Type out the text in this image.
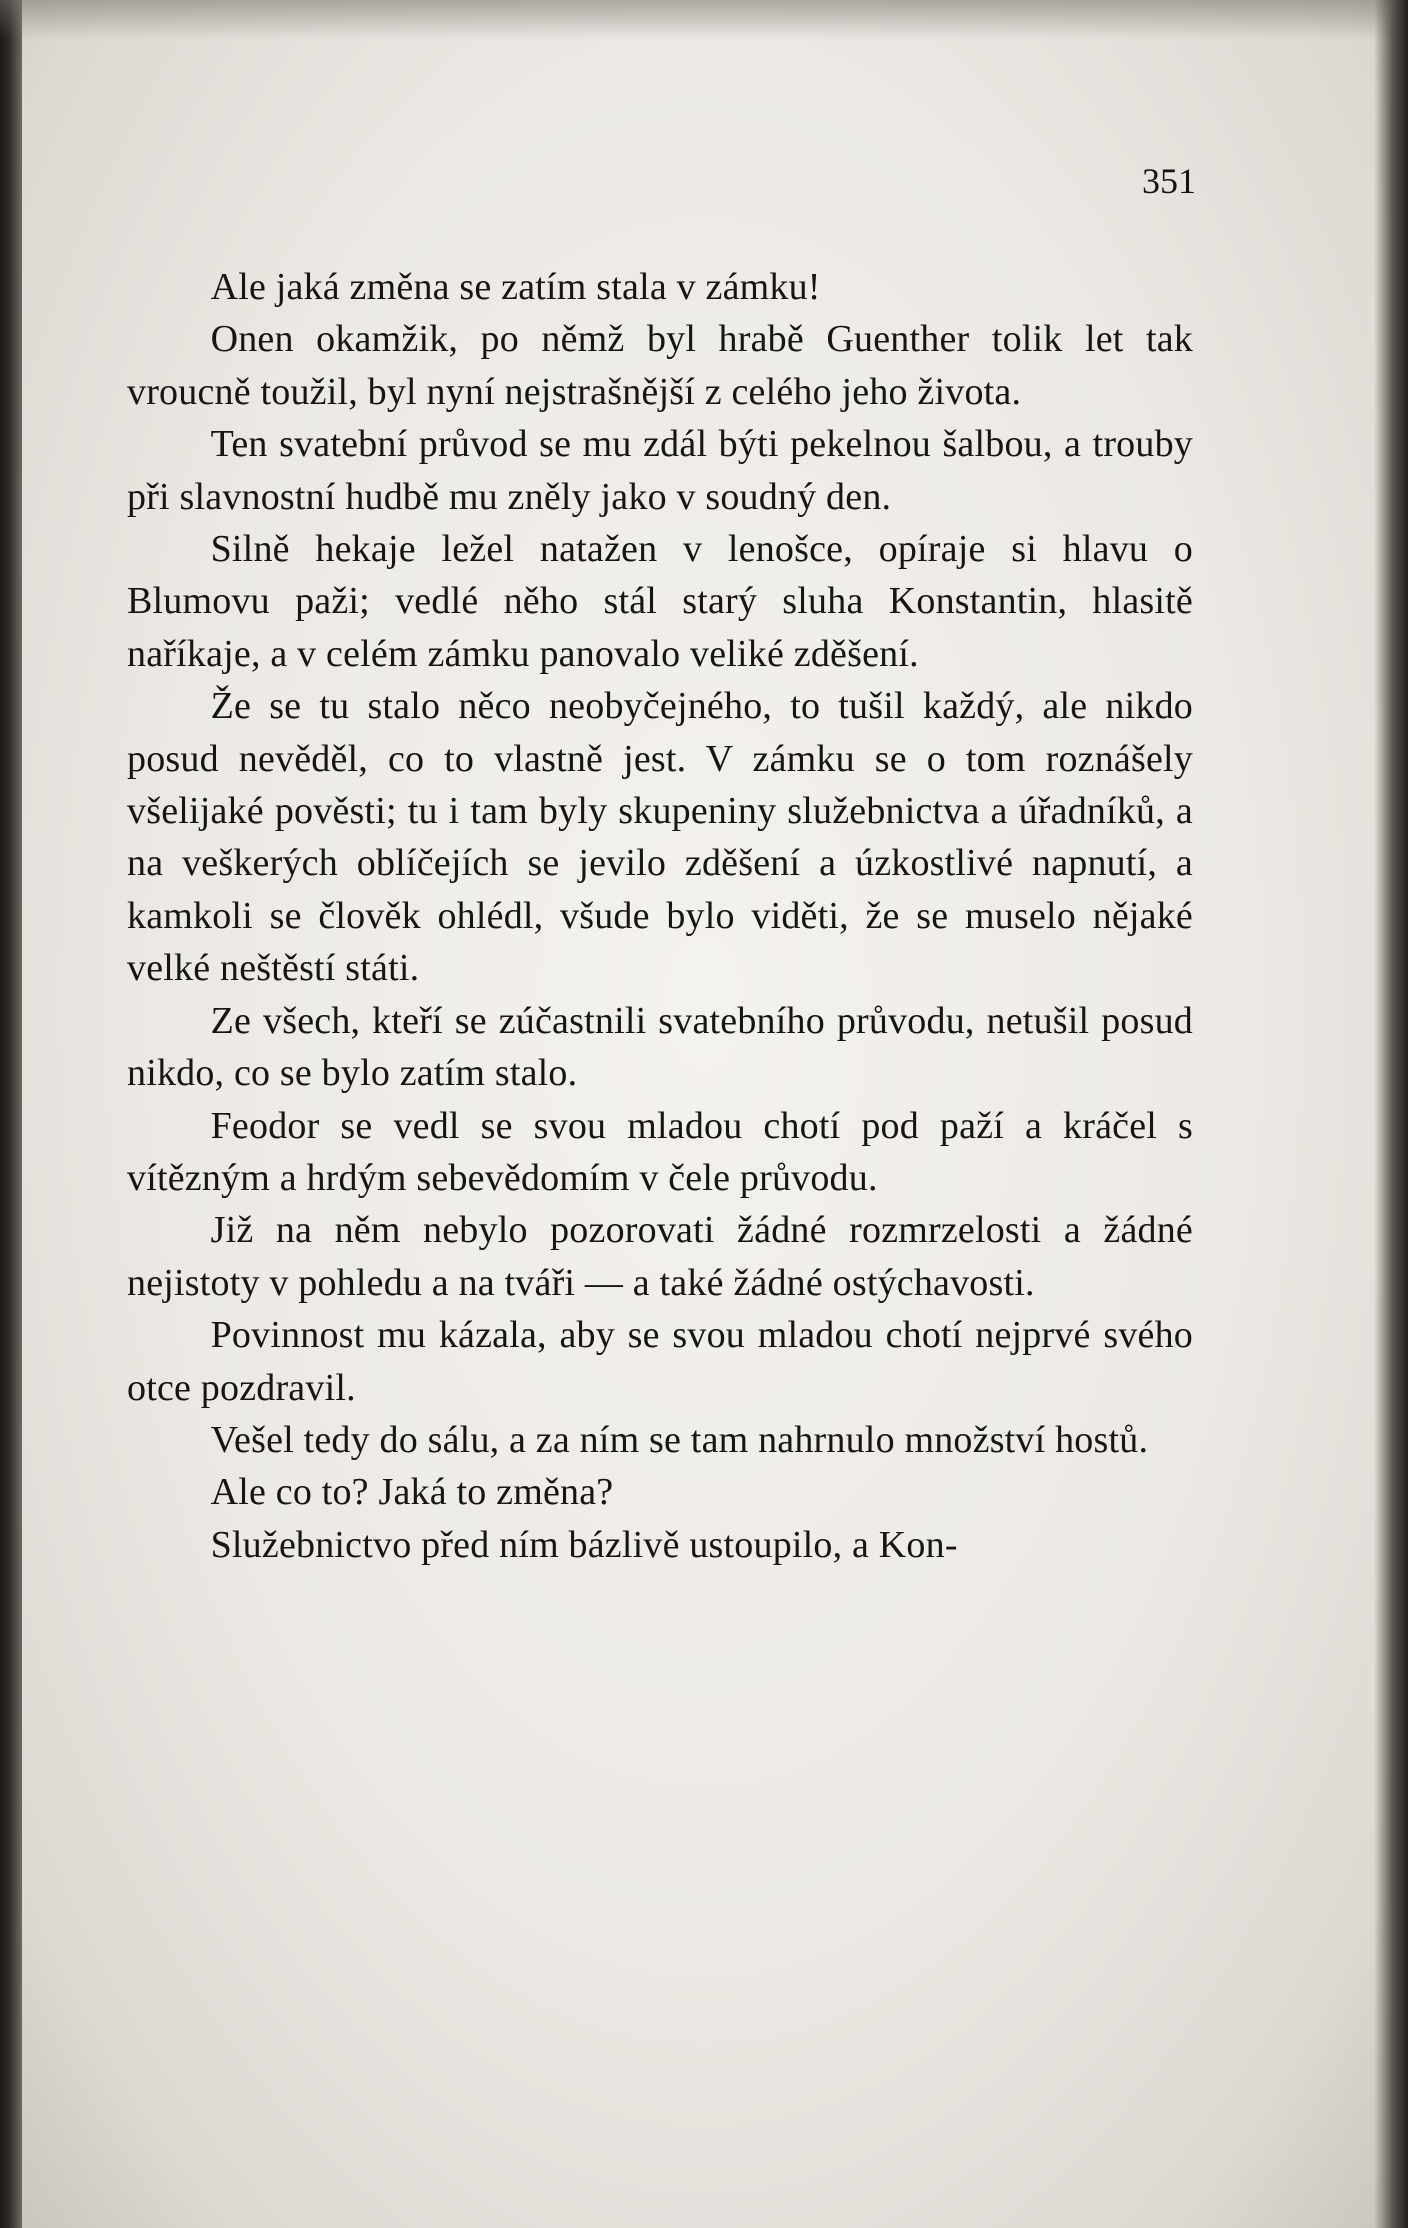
351

Ale jaká změna se zatím stala v zámku!

Onen okamžik, po němž byl hrabě Guenther tolik let tak vroucně toužil, byl nyní nejstrašnější z celého jeho života.

Ten svatební průvod se mu zdál býti pekelnou šalbou, a trouby při slavnostní hudbě mu zněly jako v soudný den.

Silně hekaje ležel natažen v lenošce, opíraje si hlavu o Blumovu paži; vedlé něho stál starý sluha Konstantin, hlasitě naříkaje, a v celém zámku panovalo veliké zděšení.

Že se tu stalo něco neobyčejného, to tušil každý, ale nikdo posud nevěděl, co to vlastně jest. V zámku se o tom roznášely všelijaké pověsti; tu i tam byly skupeniny služebnictva a úřadníků, a na veškerých oblíčejích se jevilo zděšení a úzkostlivé napnutí, a kamkoli se člověk ohlédl, všude bylo viděti, že se muselo nějaké velké neštěstí státi.

Ze všech, kteří se zúčastnili svatebního průvodu, netušil posud nikdo, co se bylo zatím stalo.

Feodor se vedl se svou mladou chotí pod paží a kráčel s vítězným a hrdým sebevědomím v čele průvodu.

Již na něm nebylo pozorovati žádné rozmrzelosti a žádné nejistoty v pohledu a na tváři — a také žádné ostýchavosti.

Povinnost mu kázala, aby se svou mladou chotí nejprvé svého otce pozdravil.

Vešel tedy do sálu, a za ním se tam nahrnulo množství hostů.

Ale co to? Jaká to změna?

Služebnictvo před ním bázlivě ustoupilo, a Kon-
